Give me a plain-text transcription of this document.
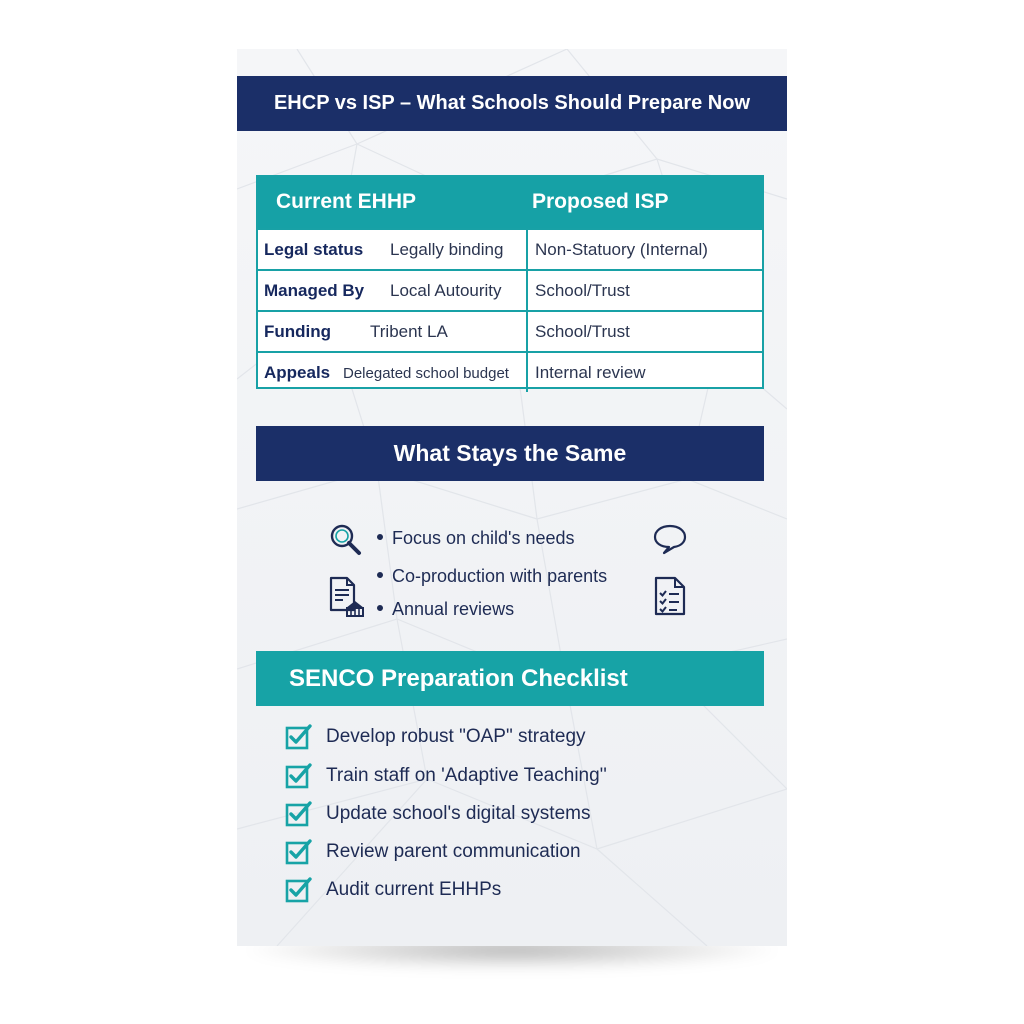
EHCP vs ISP – What Schools Should Prepare Now
Current EHHP	Proposed ISP
Legal status Legally binding Non-Statuory (Internal)
Managed By Local Autourity School/Trust
Funding Tribent LA	School/Trust
Appeals Delegated school budget Internal review
What Stays the Same
Focus on child's needs
Co-production with parents
Annual reviews
SENCO Preparation Checklist
Develop robust "OAP" strategy
Train staff on 'Adaptive Teaching''
Update school's digital systems
Review parent communication
Audit current EHHPs
